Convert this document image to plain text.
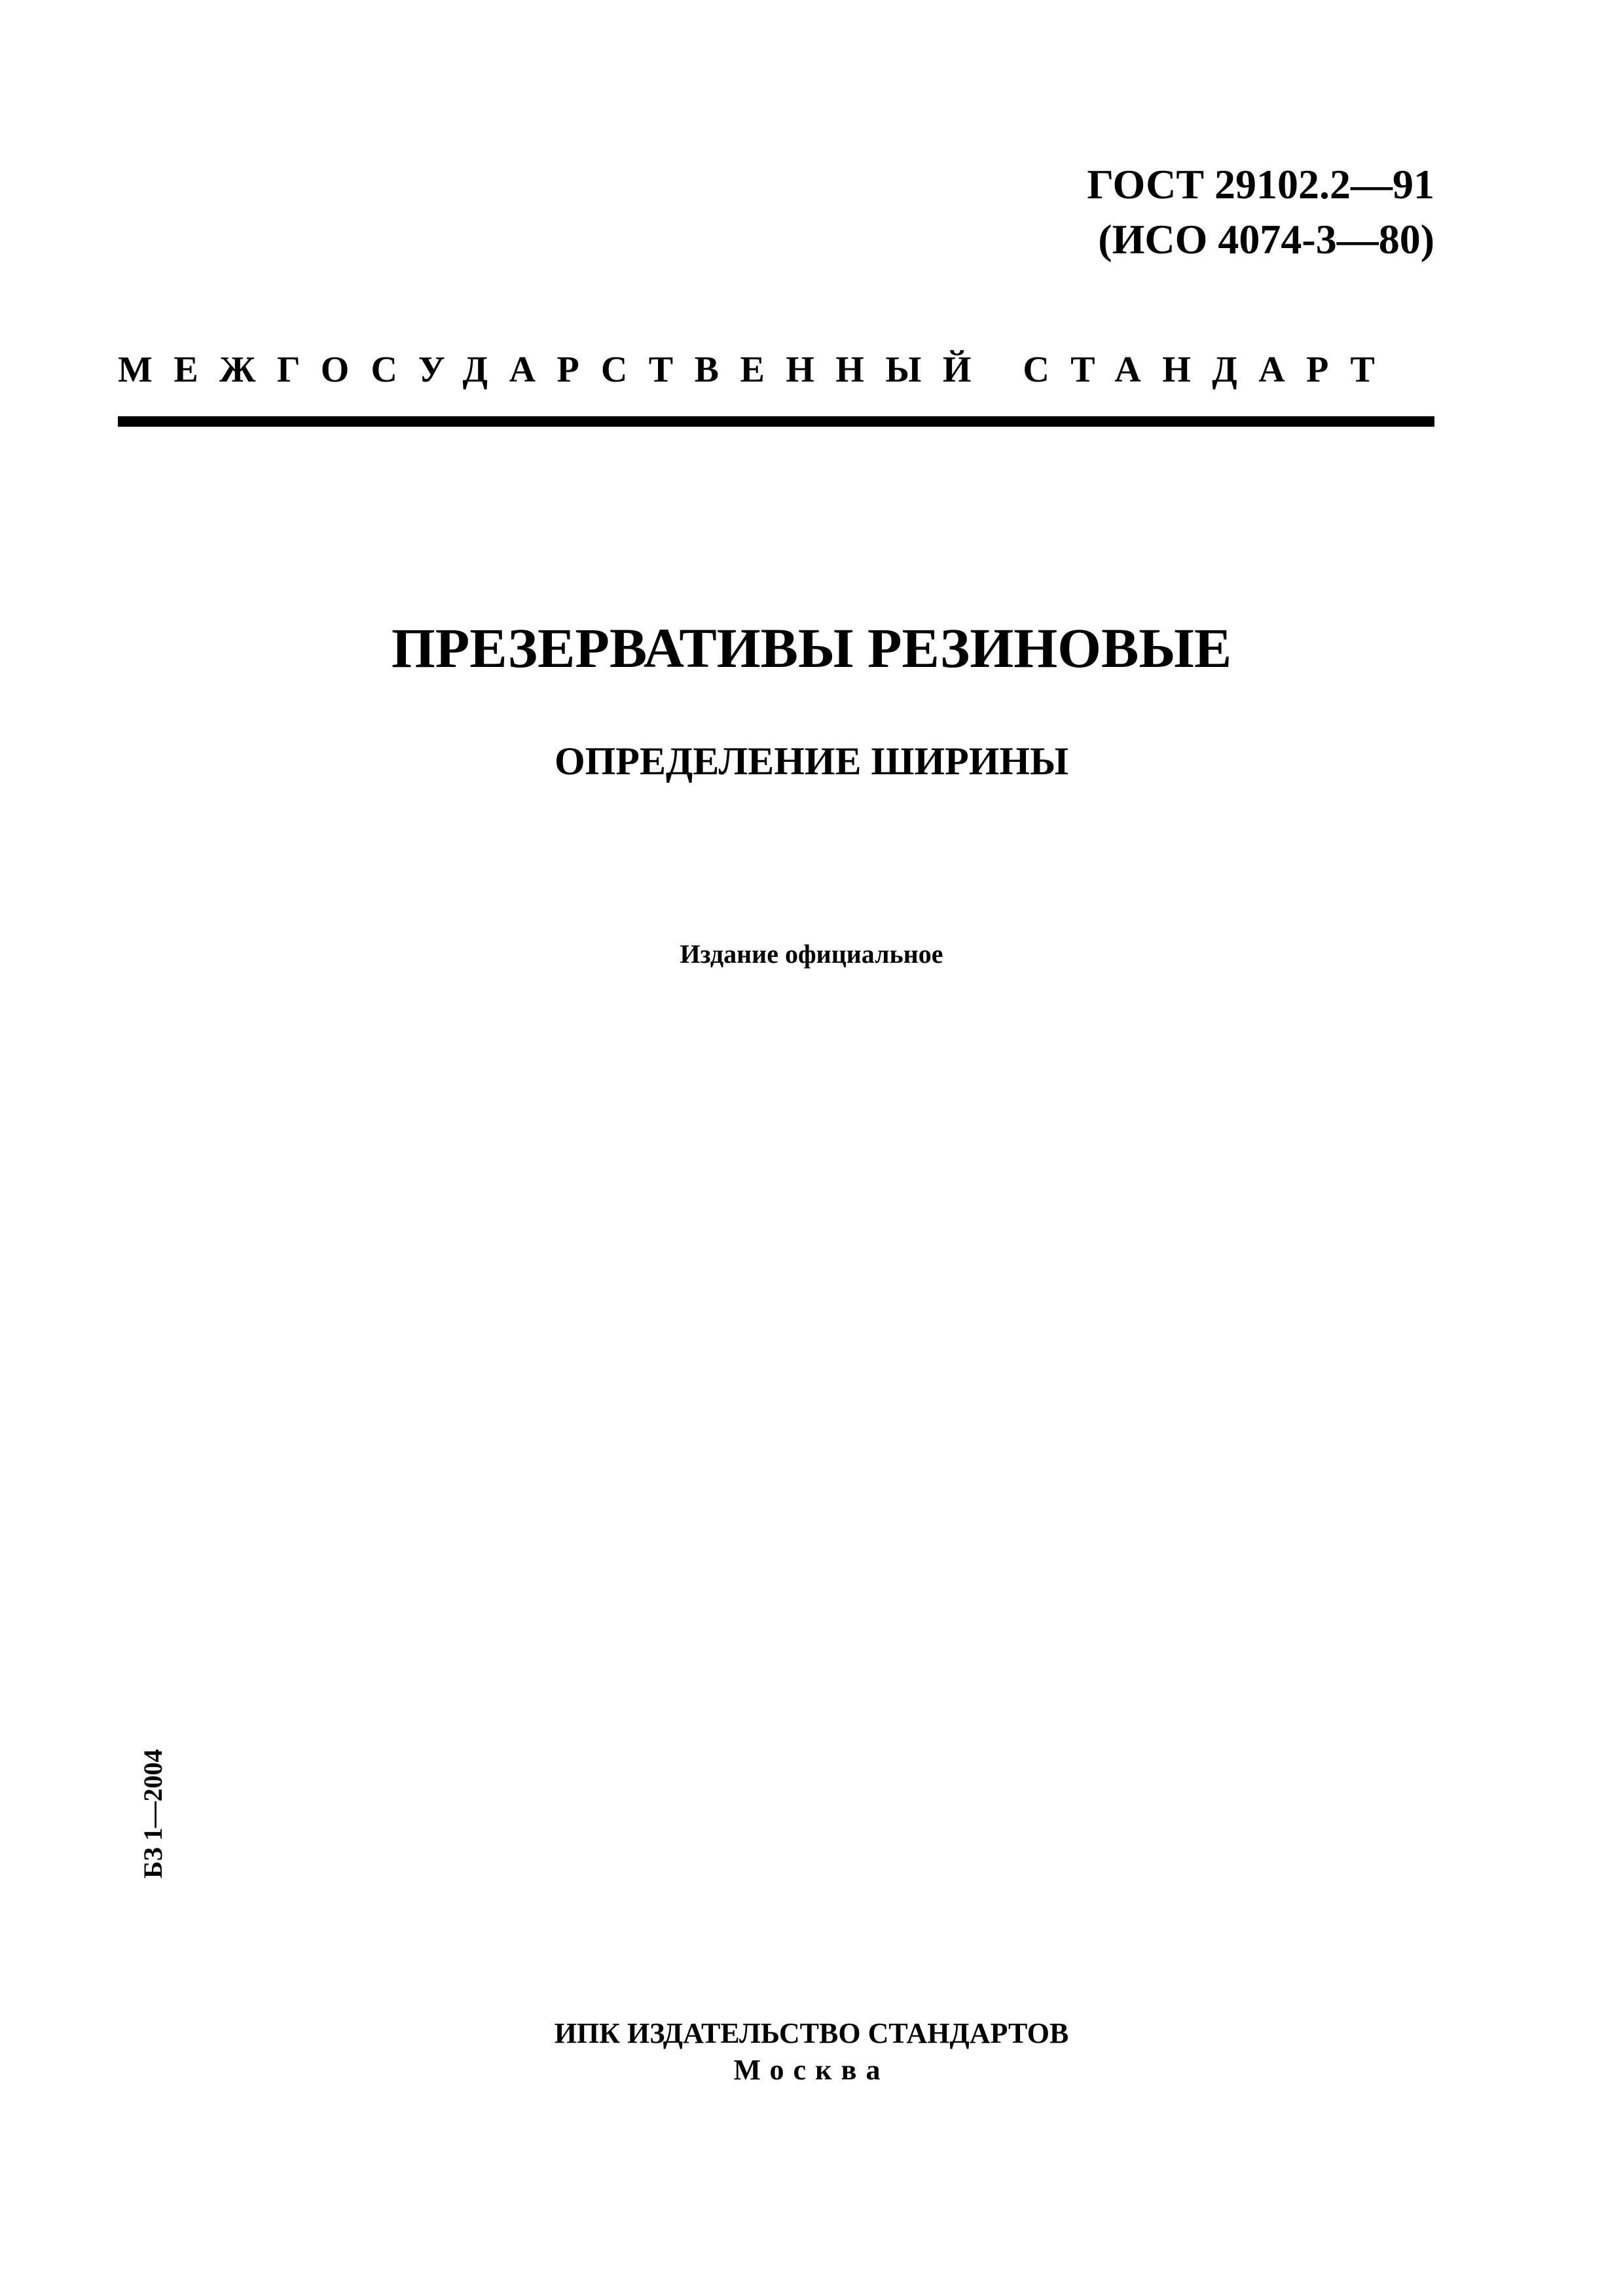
ГОСТ 29102.2—91
(ИСО 4074-3—80)
МЕЖГОСУДАРСТВЕННЫЙ СТАНДАРТ
ПРЕЗЕРВАТИВЫ РЕЗИНОВЫЕ
ОПРЕДЕЛЕНИЕ ШИРИНЫ
Издание официальное
БЗ 1—2004
ИПК ИЗДАТЕЛЬСТВО СТАНДАРТОВ
Москва
